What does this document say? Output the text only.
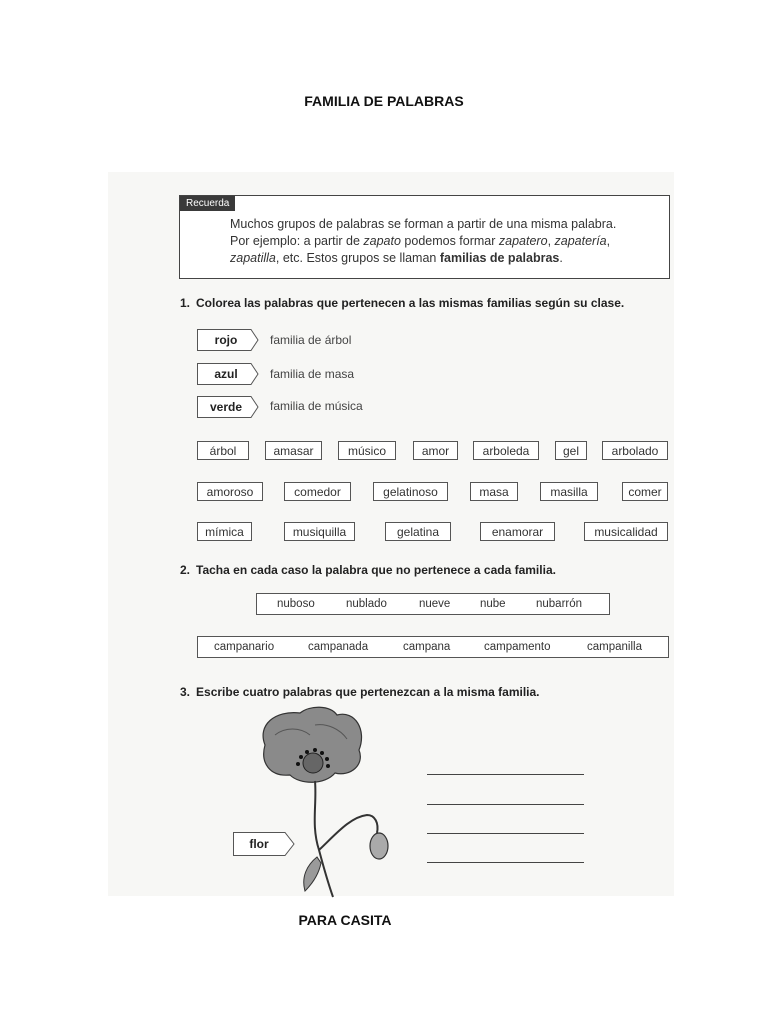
FAMILIA DE PALABRAS
Recuerda
Muchos grupos de palabras se forman a partir de una misma palabra.
Por ejemplo: a partir de zapato podemos formar zapatero, zapatería,
zapatilla, etc. Estos grupos se llaman familias de palabras.
1. Colorea las palabras que pertenecen a las mismas familias según su clase.
rojo	familia de árbol
azul	familia de masa
verde familia de música
árbol	amasar	músico	amor	arboleda	gel	arbolado
amoroso	comedor	gelatinoso	masa	masilla	comer
mímica	musiquilla	gelatina	enamorar	musicalidad
2. Tacha en cada caso la palabra que no pertenece a cada familia.
nuboso	nublado	nueve	nube	nubarrón
campanario	campanada	campana	campamento	campanilla
3. Escribe cuatro palabras que pertenezcan a la misma familia.
flor
PARA CASITA
